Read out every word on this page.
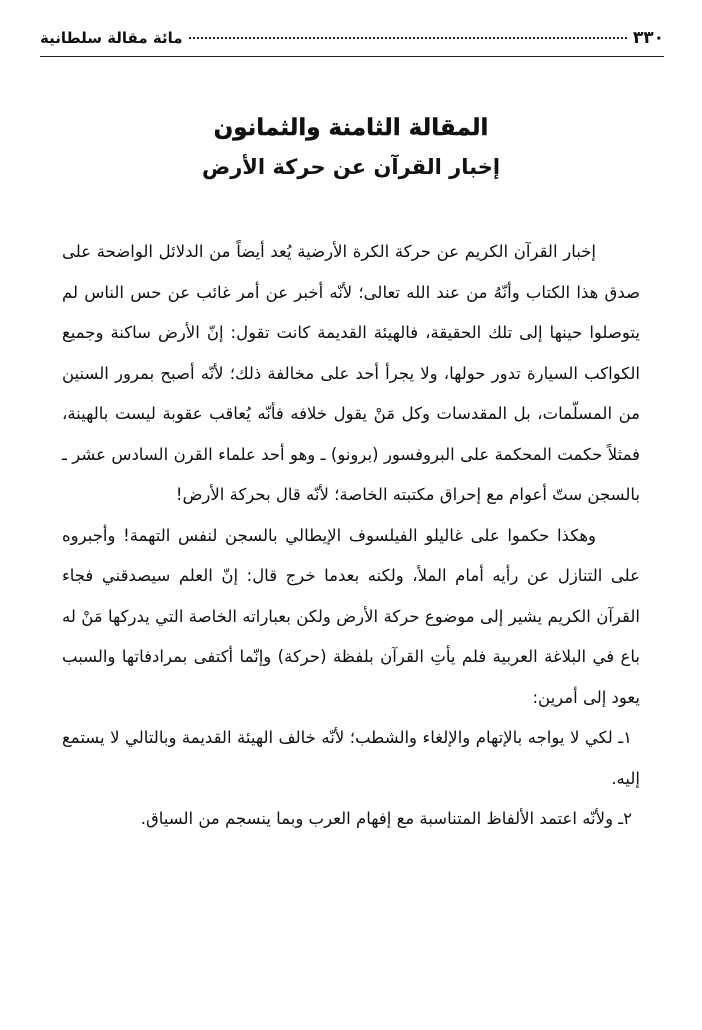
٣٣٠
مائة مقالة سلطانية
المقالة الثامنة والثمانون
إخبار القرآن عن حركة الأرض

إخبار القرآن الكريم عن حركة الكرة الأرضية يُعد أيضاً من الدلائل الواضحة على صدق هذا الكتاب وأنّهُ من عند الله تعالى؛ لأنّه أخبر عن أمر غائب عن حس الناس لم يتوصلوا حينها إلى تلك الحقيقة، فالهيئة القديمة كانت تقول: إنّ الأرض ساكنة وجميع الكواكب السيارة تدور حولها، ولا يجرأ أحد على مخالفة ذلك؛ لأنّه أصبح بمرور السنين من المسلّمات، بل المقدسات وكل مَنْ يقول خلافه فأنّه يُعاقب عقوبة ليست بالهينة، فمثلاً حكمت المحكمة على البروفسور (برونو) ـ وهو أحد علماء القرن السادس عشر ـ بالسجن ستّ أعوام مع إحراق مكتبته الخاصة؛ لأنّه قال بحركة الأرض!

وهكذا حكموا على غاليلو الفيلسوف الإيطالي بالسجن لنفس التهمة! وأجبروه على التنازل عن رأيه أمام الملأ، ولكنه بعدما خرج قال: إنّ العلم سيصدقني فجاء القرآن الكريم يشير إلى موضوع حركة الأرض ولكن بعباراته الخاصة التي يدركها مَنْ له باع في البلاغة العربية فلم يأتِ القرآن بلفظة (حركة) وإنّما أكتفى بمرادفاتها والسبب يعود إلى أمرين:

١ـ لكي لا يواجه بالإتهام والإلغاء والشطب؛ لأنّه خالف الهيئة القديمة وبالتالي لا يستمع إليه.

٢ـ ولأنّه اعتمد الألفاظ المتناسبة مع إفهام العرب وبما ينسجم من السياق.
